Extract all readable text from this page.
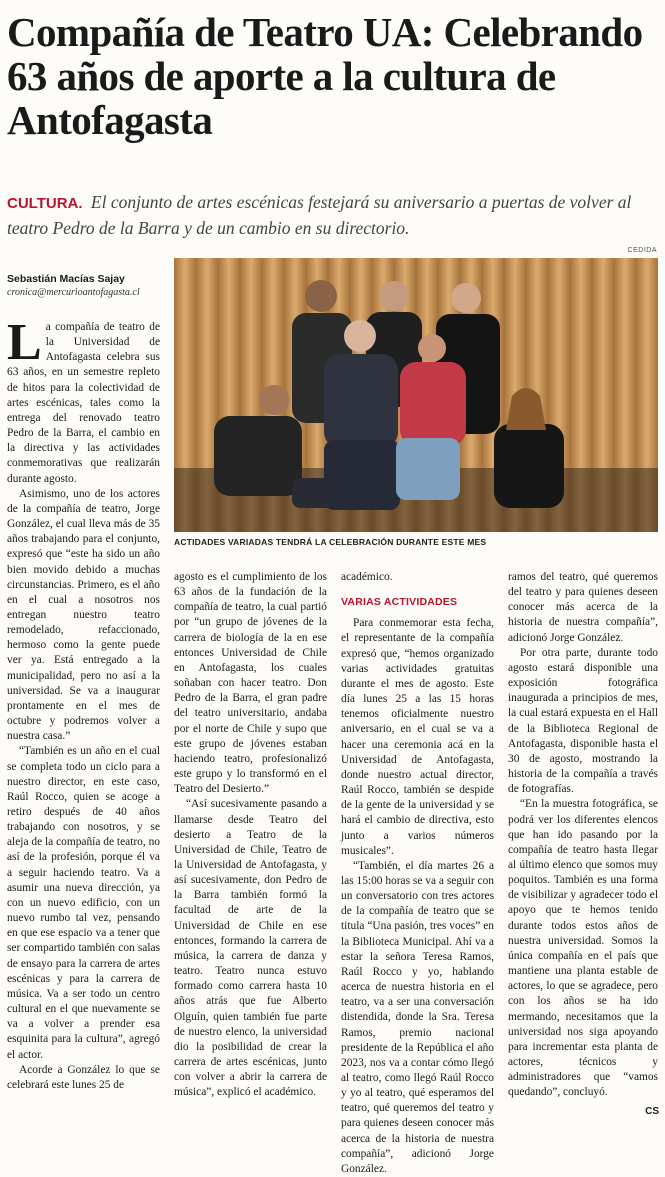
Compañía de Teatro UA: Celebrando 63 años de aporte a la cultura de Antofagasta

CULTURA. El conjunto de artes escénicas festejará su aniversario a puertas de volver al teatro Pedro de la Barra y de un cambio en su directorio.

CEDIDA
ACTIDADES VARIADAS TENDRÁ LA CELEBRACIÓN DURANTE ESTE MES
Sebastián Macías Sajay
cronica@mercurioantofagasta.cl

La compañía de teatro de la Universidad de Antofagasta celebra sus 63 años, en un semestre repleto de hitos para la colectividad de artes escénicas, tales como la entrega del renovado teatro Pedro de la Barra, el cambio en la directiva y las actividades conmemorativas que realizarán durante agosto.

Asimismo, uno de los actores de la compañía de teatro, Jorge González, el cual lleva más de 35 años trabajando para el conjunto, expresó que “este ha sido un año bien movido debido a muchas circunstancias. Primero, es el año en el cual a nosotros nos entregan nuestro teatro remodelado, refaccionado, hermoso como la gente puede ver ya. Está entregado a la municipalidad, pero no así a la universidad. Se va a inaugurar prontamente en el mes de octubre y podremos volver a nuestra casa.”

“También es un año en el cual se completa todo un ciclo para a nuestro director, en este caso, Raúl Rocco, quien se acoge a retiro después de 40 años trabajando con nosotros, y se aleja de la compañía de teatro, no así de la profesión, porque él va a seguir haciendo teatro. Va a asumir una nueva dirección, ya con un nuevo edificio, con un nuevo rumbo tal vez, pensando en que ese espacio va a tener que ser compartido también con salas de ensayo para la carrera de artes escénicas y para la carrera de música. Va a ser todo un centro cultural en el que nuevamente se va a volver a prender esa esquinita para la cultura”, agregó el actor.

Acorde a González lo que se celebrará este lunes 25 de

agosto es el cumplimiento de los 63 años de la fundación de la compañía de teatro, la cual partió por “un grupo de jóvenes de la carrera de biología de la en ese entonces Universidad de Chile en Antofagasta, los cuales soñaban con hacer teatro. Don Pedro de la Barra, el gran padre del teatro universitario, andaba por el norte de Chile y supo que este grupo de jóvenes estaban haciendo teatro, profesionalizó este grupo y lo transformó en el Teatro del Desierto.”

“Así sucesivamente pasando a llamarse desde Teatro del desierto a Teatro de la Universidad de Chile, Teatro de la Universidad de Antofagasta, y así sucesivamente, don Pedro de la Barra también formó la facultad de arte de la Universidad de Chile en ese entonces, formando la carrera de música, la carrera de danza y teatro. Teatro nunca estuvo formado como carrera hasta 10 años atrás que fue Alberto Olguín, quien también fue parte de nuestro elenco, la universidad dio la posibilidad de crear la carrera de artes escénicas, junto con volver a abrir la carrera de música”, explicó el académico.

académico.

VARIAS ACTIVIDADES

Para conmemorar esta fecha, el representante de la compañía expresó que, “hemos organizado varias actividades gratuitas durante el mes de agosto. Este día lunes 25 a las 15 horas tenemos oficialmente nuestro aniversario, en el cual se va a hacer una ceremonia acá en la Universidad de Antofagasta, donde nuestro actual director, Raúl Rocco, también se despide de la gente de la universidad y se hará el cambio de directiva, esto junto a varios números musicales”.

“También, el día martes 26 a las 15:00 horas se va a seguir con un conversatorio con tres actores de la compañía de teatro que se titula “Una pasión, tres voces” en la Biblioteca Municipal. Ahí va a estar la señora Teresa Ramos, Raúl Rocco y yo, hablando acerca de nuestra historia en el teatro, va a ser una conversación distendida, donde la Sra. Teresa Ramos, premio nacional presidente de la República el año 2023, nos va a contar cómo llegó al teatro, como llegó Raúl Rocco y yo al teatro, qué esperamos del teatro, qué queremos del teatro y para quienes deseen conocer más acerca de la historia de nuestra compañía”, adicionó Jorge González.

ramos del teatro, qué queremos del teatro y para quienes deseen conocer más acerca de la historia de nuestra compañía”, adicionó Jorge González.

Por otra parte, durante todo agosto estará disponible una exposición fotográfica inaugurada a principios de mes, la cual estará expuesta en el Hall de la Biblioteca Regional de Antofagasta, disponible hasta el 30 de agosto, mostrando la historia de la compañía a través de fotografías.

“En la muestra fotográfica, se podrá ver los diferentes elencos que han ido pasando por la compañía de teatro hasta llegar al último elenco que somos muy poquitos. También es una forma de visibilizar y agradecer todo el apoyo que te hemos tenido durante todos estos años de nuestra universidad. Somos la única compañía en el país que mantiene una planta estable de actores, lo que se agradece, pero con los años se ha ido mermando, necesitamos que la universidad nos siga apoyando para incrementar esta planta de actores, técnicos y administradores que “vamos quedando”, concluyó.

CS
